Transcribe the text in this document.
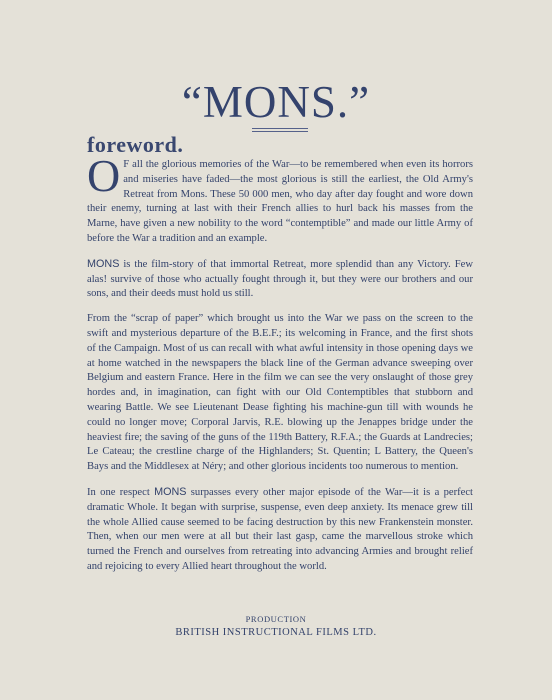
“MONS.”
foreword.

O F all the glorious memories of the War—to be remembered when even its horrors and miseries have faded—the most glorious is still the earliest, the Old Army's Retreat from Mons. These 50 000 men, who day after day fought and wore down their enemy, turning at last with their French allies to hurl back his masses from the Marne, have given a new nobility to the word “contemptible” and made our little Army of before the War a tradition and an example.

MONS is the film-story of that immortal Retreat, more splendid than any Victory. Few alas! survive of those who actually fought through it, but they were our brothers and our sons, and their deeds must hold us still.

From the “scrap of paper” which brought us into the War we pass on the screen to the swift and mysterious departure of the B.E.F.; its welcoming in France, and the first shots of the Campaign. Most of us can recall with what awful intensity in those opening days we at home watched in the newspapers the black line of the German advance sweeping over Belgium and eastern France. Here in the film we can see the very onslaught of those grey hordes and, in imagination, can fight with our Old Contemptibles that stubborn and wearing Battle. We see Lieutenant Dease fighting his machine-gun till with wounds he could no longer move; Corporal Jarvis, R.E. blowing up the Jenappes bridge under the heaviest fire; the saving of the guns of the 119th Battery, R.F.A.; the Guards at Landrecies; Le Cateau; the crestline charge of the Highlanders; St. Quentin; L Battery, the Queen's Bays and the Middlesex at Néry; and other glorious incidents too numerous to mention.

In one respect MONS surpasses every other major episode of the War—it is a perfect dramatic Whole. It began with surprise, suspense, even deep anxiety. Its menace grew till the whole Allied cause seemed to be facing destruction by this new Frankenstein monster. Then, when our men were at all but their last gasp, came the marvellous stroke which turned the French and ourselves from retreating into advancing Armies and brought relief and rejoicing to every Allied heart throughout the world.

PRODUCTION
BRITISH INSTRUCTIONAL FILMS LTD.
